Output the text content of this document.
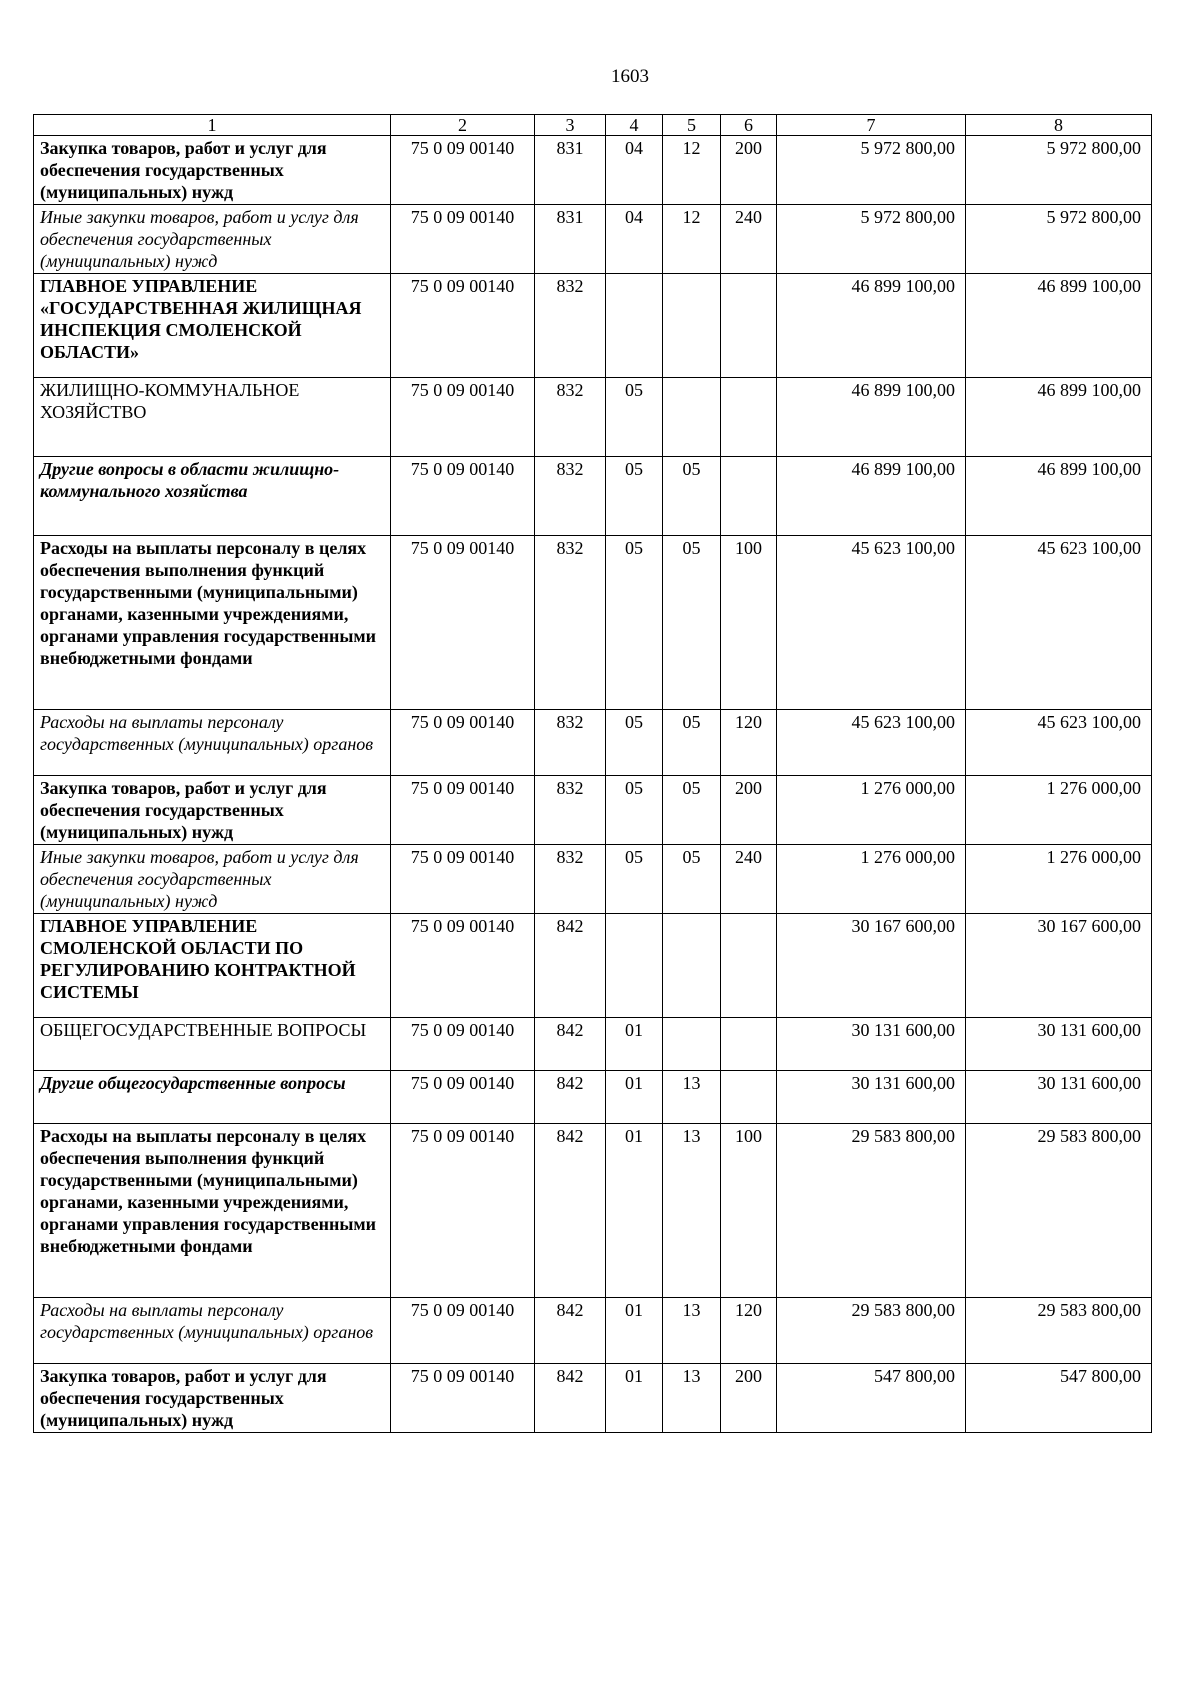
1603
1	2	3	4	5	6	7	8
Закупка товаров, работ и услуг для обеспечения государственных (муниципальных) нужд	75 0 09 00140	831	04	12	200	5 972 800,00	5 972 800,00
Иные закупки товаров, работ и услуг для обеспечения государственных (муниципальных) нужд	75 0 09 00140	831	04	12	240	5 972 800,00	5 972 800,00
ГЛАВНОЕ УПРАВЛЕНИЕ «ГОСУДАРСТВЕННАЯ ЖИЛИЩНАЯ ИНСПЕКЦИЯ СМОЛЕНСКОЙ ОБЛАСТИ»	75 0 09 00140	832				46 899 100,00	46 899 100,00
ЖИЛИЩНО-КОММУНАЛЬНОЕ ХОЗЯЙСТВО	75 0 09 00140	832	05			46 899 100,00	46 899 100,00
Другие вопросы в области жилищно-коммунального хозяйства	75 0 09 00140	832	05	05		46 899 100,00	46 899 100,00
Расходы на выплаты персоналу в целях обеспечения выполнения функций государственными (муниципальными) органами, казенными учреждениями, органами управления государственными внебюджетными фондами	75 0 09 00140	832	05	05	100	45 623 100,00	45 623 100,00
Расходы на выплаты персоналу государственных (муниципальных) органов	75 0 09 00140	832	05	05	120	45 623 100,00	45 623 100,00
Закупка товаров, работ и услуг для обеспечения государственных (муниципальных) нужд	75 0 09 00140	832	05	05	200	1 276 000,00	1 276 000,00
Иные закупки товаров, работ и услуг для обеспечения государственных (муниципальных) нужд	75 0 09 00140	832	05	05	240	1 276 000,00	1 276 000,00
ГЛАВНОЕ УПРАВЛЕНИЕ СМОЛЕНСКОЙ ОБЛАСТИ ПО РЕГУЛИРОВАНИЮ КОНТРАКТНОЙ СИСТЕМЫ	75 0 09 00140	842				30 167 600,00	30 167 600,00
ОБЩЕГОСУДАРСТВЕННЫЕ ВОПРОСЫ	75 0 09 00140	842	01			30 131 600,00	30 131 600,00
Другие общегосударственные вопросы	75 0 09 00140	842	01	13		30 131 600,00	30 131 600,00
Расходы на выплаты персоналу в целях обеспечения выполнения функций государственными (муниципальными) органами, казенными учреждениями, органами управления государственными внебюджетными фондами	75 0 09 00140	842	01	13	100	29 583 800,00	29 583 800,00
Расходы на выплаты персоналу государственных (муниципальных) органов	75 0 09 00140	842	01	13	120	29 583 800,00	29 583 800,00
Закупка товаров, работ и услуг для обеспечения государственных (муниципальных) нужд	75 0 09 00140	842	01	13	200	547 800,00	547 800,00
